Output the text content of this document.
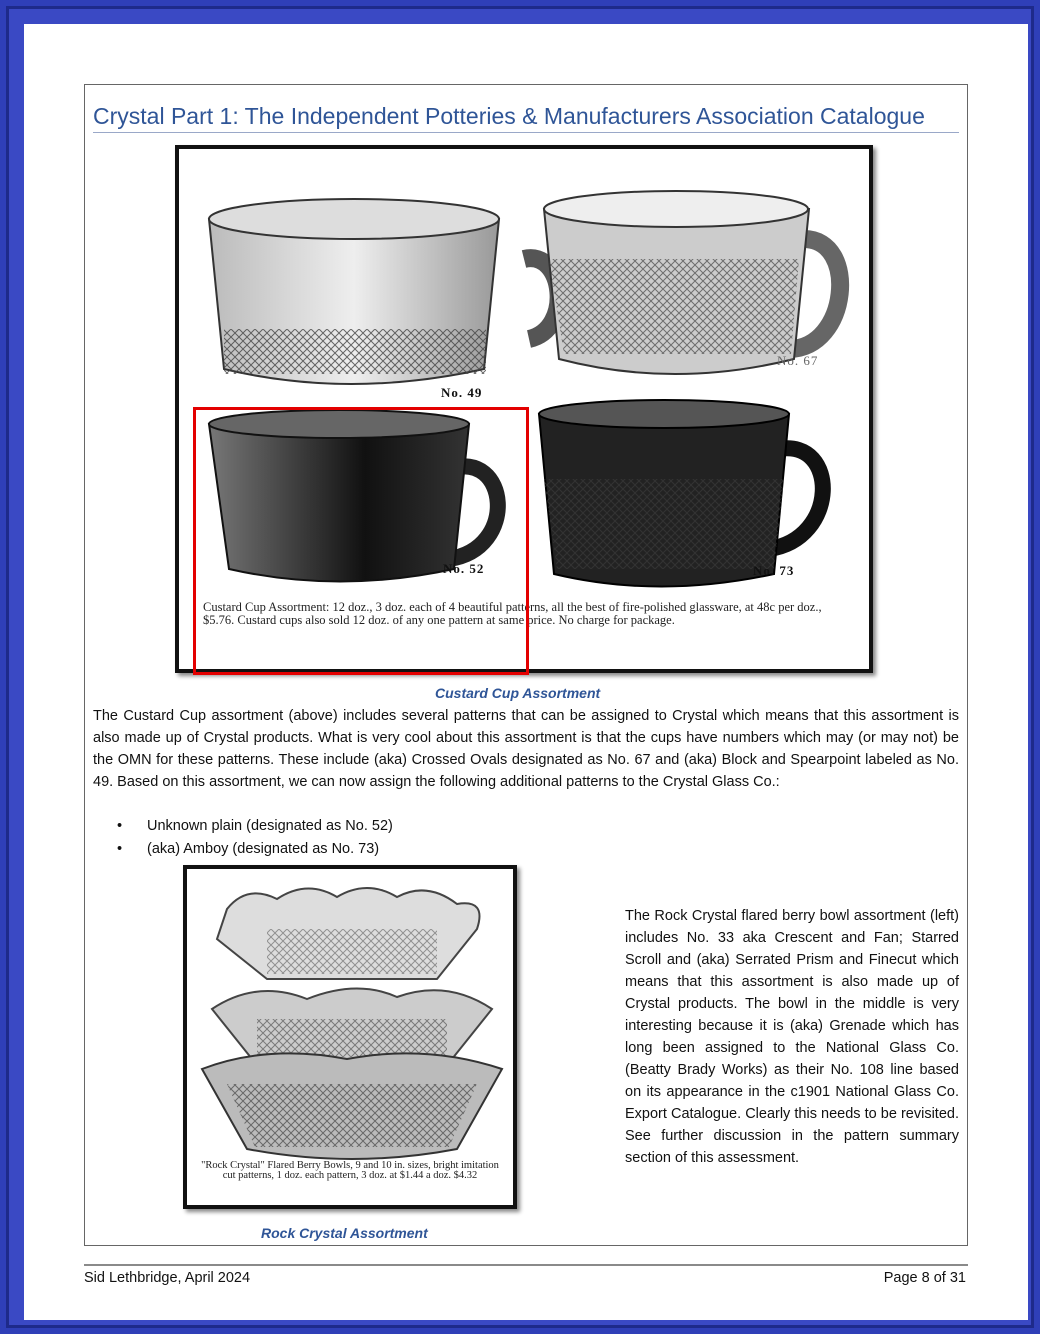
Crystal Part 1: The Independent Potteries & Manufacturers Association Catalogue
No. 49
No. 67
No. 52	No. 73
Custard Cup Assortment: 12 doz., 3 doz. each of 4 beautiful patterns, all the best of fire-polished glassware, at 48c per doz., $5.76. Custard cups also sold 12 doz. of any one pattern at same price. No charge for package.
Custard Cup Assortment
The Custard Cup assortment (above) includes several patterns that can be assigned to Crystal which means that this assortment is also made up of Crystal products. What is very cool about this assortment is that the cups have numbers which may (or may not) be the OMN for these patterns. These include (aka) Crossed Ovals designated as No. 67 and (aka) Block and Spearpoint labeled as No. 49. Based on this assortment, we can now assign the following additional patterns to the Crystal Glass Co.:
• Unknown plain (designated as No. 52)
• (aka) Amboy (designated as No. 73)
"Rock Crystal" Flared Berry Bowls, 9 and 10 in. sizes, bright imitation cut patterns, 1 doz. each pattern, 3 doz. at $1.44 a doz. $4.32
Rock Crystal Assortment
The Rock Crystal flared berry bowl assortment (left) includes No. 33 aka Crescent and Fan; Starred Scroll and (aka) Serrated Prism and Finecut which means that this assortment is also made up of Crystal products. The bowl in the middle is very interesting because it is (aka) Grenade which has long been assigned to the National Glass Co. (Beatty Brady Works) as their No. 108 line based on its appearance in the c1901 National Glass Co. Export Catalogue. Clearly this needs to be revisited. See further discussion in the pattern summary section of this assessment.
Sid Lethbridge, April 2024	Page 8 of 31
